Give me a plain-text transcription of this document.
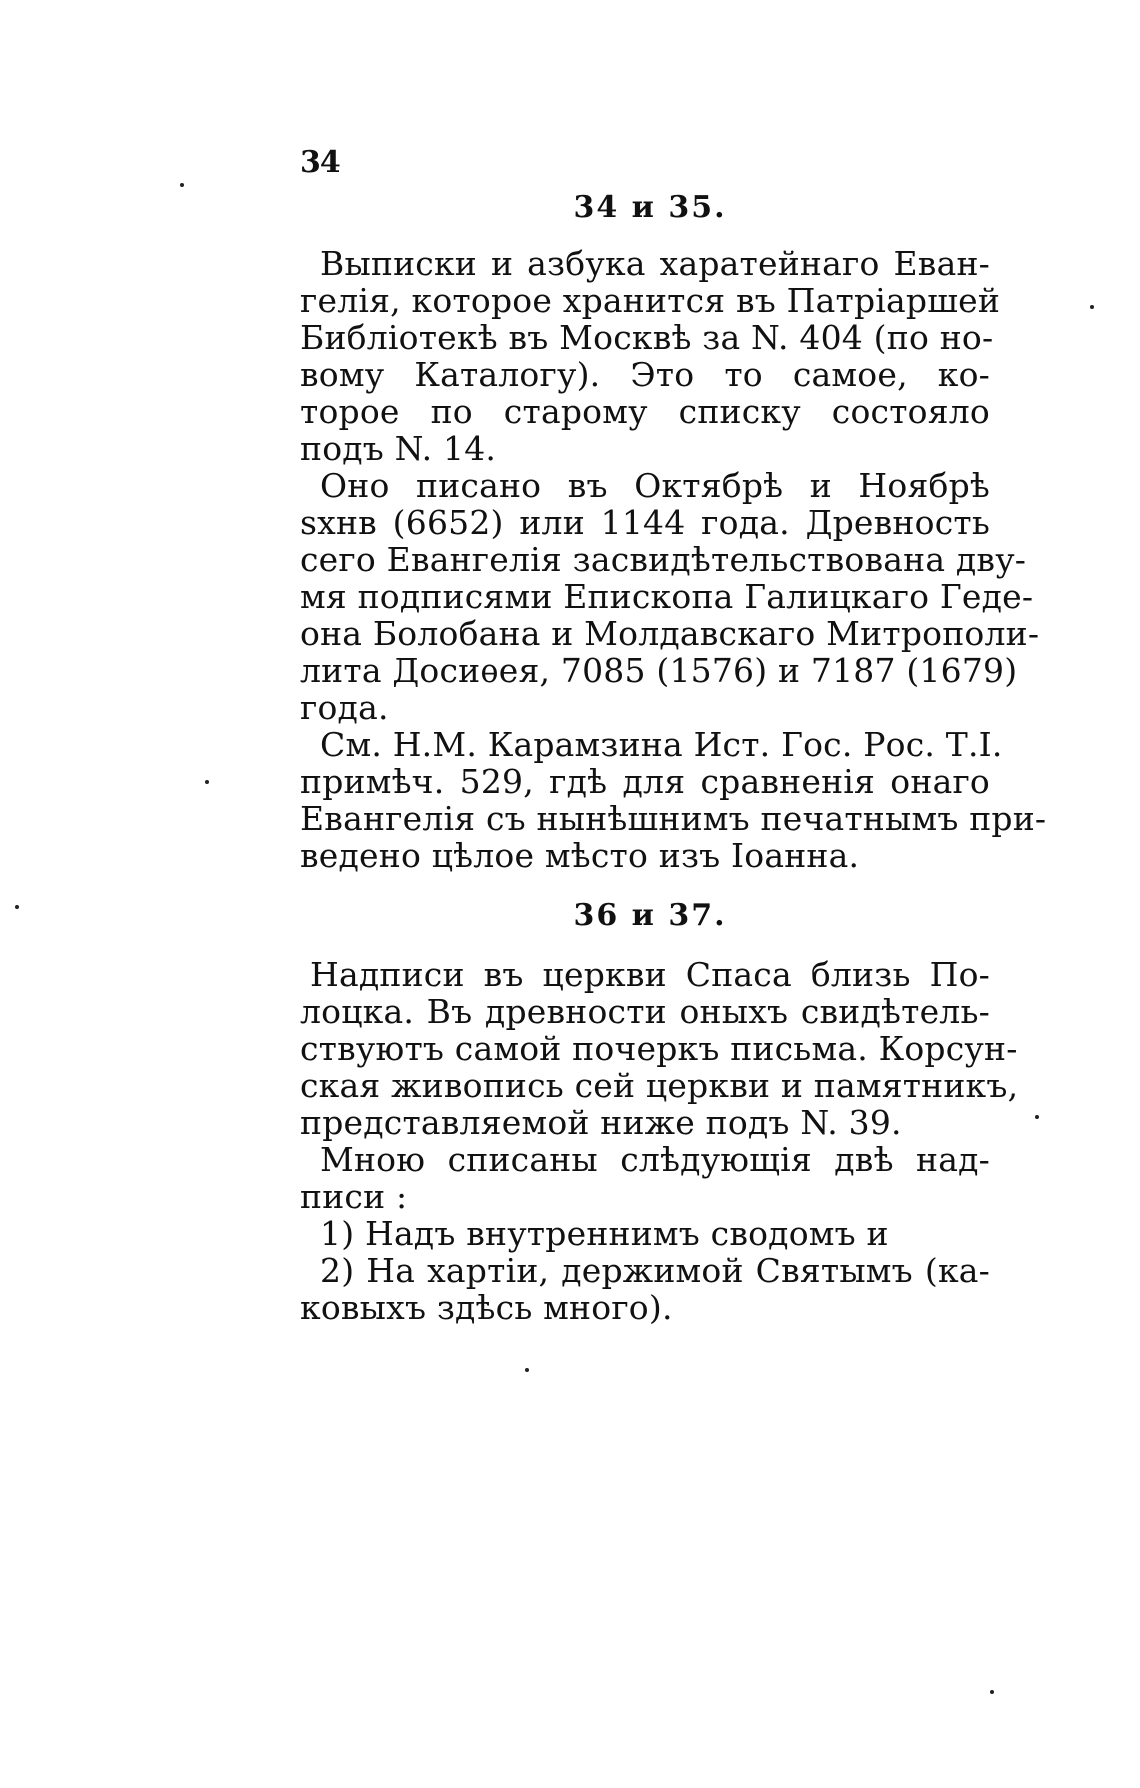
34
34 и 35.
Выписки и азбука харатейнаго Еван-
гелія, которое хранится въ Патріаршей
Библіотекѣ въ Москвѣ за N. 404 (по но-
вому Каталогу). Это то самое, ко-
торое по старому списку состояло
подъ N. 14.
Оно писано въ Октябрѣ и Ноябрѣ
sхнв (6652) или 1144 года. Древность
сего Евангелія засвидѣтельствована дву-
мя подписями Епископа Галицкаго Геде-
она Болобана и Молдавскаго Митрополи-
лита Досиѳея, 7085 (1576) и 7187 (1679)
года.
См. Н.М. Карамзина Ист. Гос. Рос. Т.І.
примѣч. 529, гдѣ для сравненія онаго
Евангелія съ нынѣшнимъ печатнымъ при-
ведено цѣлое мѣсто изъ Іоанна.
36 и 37.
Надписи въ церкви Спаса близь По-
лоцка. Въ древности оныхъ свидѣтель-
ствуютъ самой почеркъ письма. Корсун-
ская живопись сей церкви и памятникъ,
представляемой ниже подъ N. 39.
Мною списаны слѣдующія двѣ над-
писи :
1) Надъ внутреннимъ сводомъ и
2) На хартіи, держимой Святымъ (ка-
ковыхъ здѣсь много).
